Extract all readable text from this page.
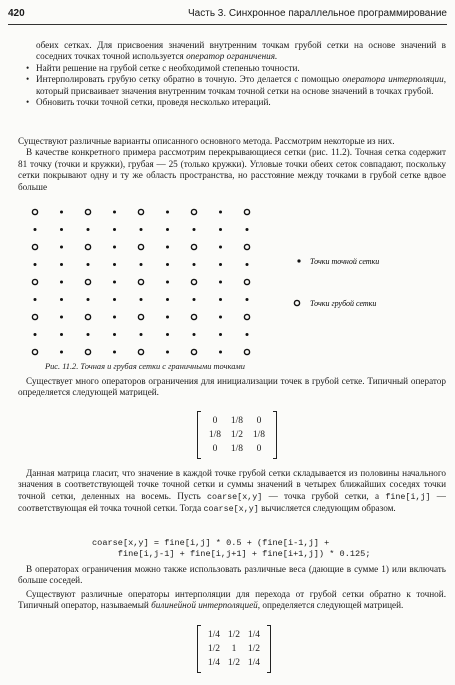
420	Часть 3. Синхронное параллельное программирование

обеих сетках. Для присвоения значений внутренним точкам грубой сетки на основе значений в соседних точках точной используется оператор ограничения.

• Найти решение на грубой сетке с необходимой степенью точности.
• Интерполировать грубую сетку обратно в точную. Это делается с помощью оператора интерполяции, который присваивает значения внутренним точкам точной сетки на основе значений в точках грубой.
• Обновить точки точной сетки, проведя несколько итераций.

Существуют различные варианты описанного основного метода. Рассмотрим некоторые из них.

В качестве конкретного примера рассмотрим перекрывающиеся сетки (рис. 11.2). Точная сетка содержит 81 точку (точки и кружки), грубая — 25 (только кружки). Угловые точки обеих сеток совпадают, поскольку сетки покрывают одну и ту же область пространства, но расстояние между точками в грубой сетке вдвое больше

Точки точной сетки
Точки грубой сетки
Рис. 11.2. Точная и грубая сетки с граничными точками

Существует много операторов ограничения для инициализации точек в грубой сетке. Типичный оператор определяется следующей матрицей.

0	1/8	0
1/8	1/2	1/8
0	1/8	0

Данная матрица гласит, что значение в каждой точке грубой сетки складывается из половины начального значения в соответствующей точке точной сетки и суммы значений в четырех ближайших соседях точки точной сетки, деленных на восемь. Пусть coarse[x,y] — точка грубой сетки, а fine[i,j] — соответствующая ей точка точной сетки. Тогда coarse[x,y] вычисляется следующим образом.

coarse[x,y] = fine[i,j] * 0.5 + (fine[i-1,j] +
fine[i,j-1] + fine[i,j+1] + fine[i+1,j]) * 0.125;

В операторах ограничения можно также использовать различные веса (дающие в сумме 1) или включать больше соседей.

Существуют различные операторы интерполяции для перехода от грубой сетки обратно к точной. Типичный оператор, называемый билинейной интерполяцией, определяется следующей матрицей.

1/4 1/2 1/4
1/2	1	1/2
1/4 1/2 1/4
